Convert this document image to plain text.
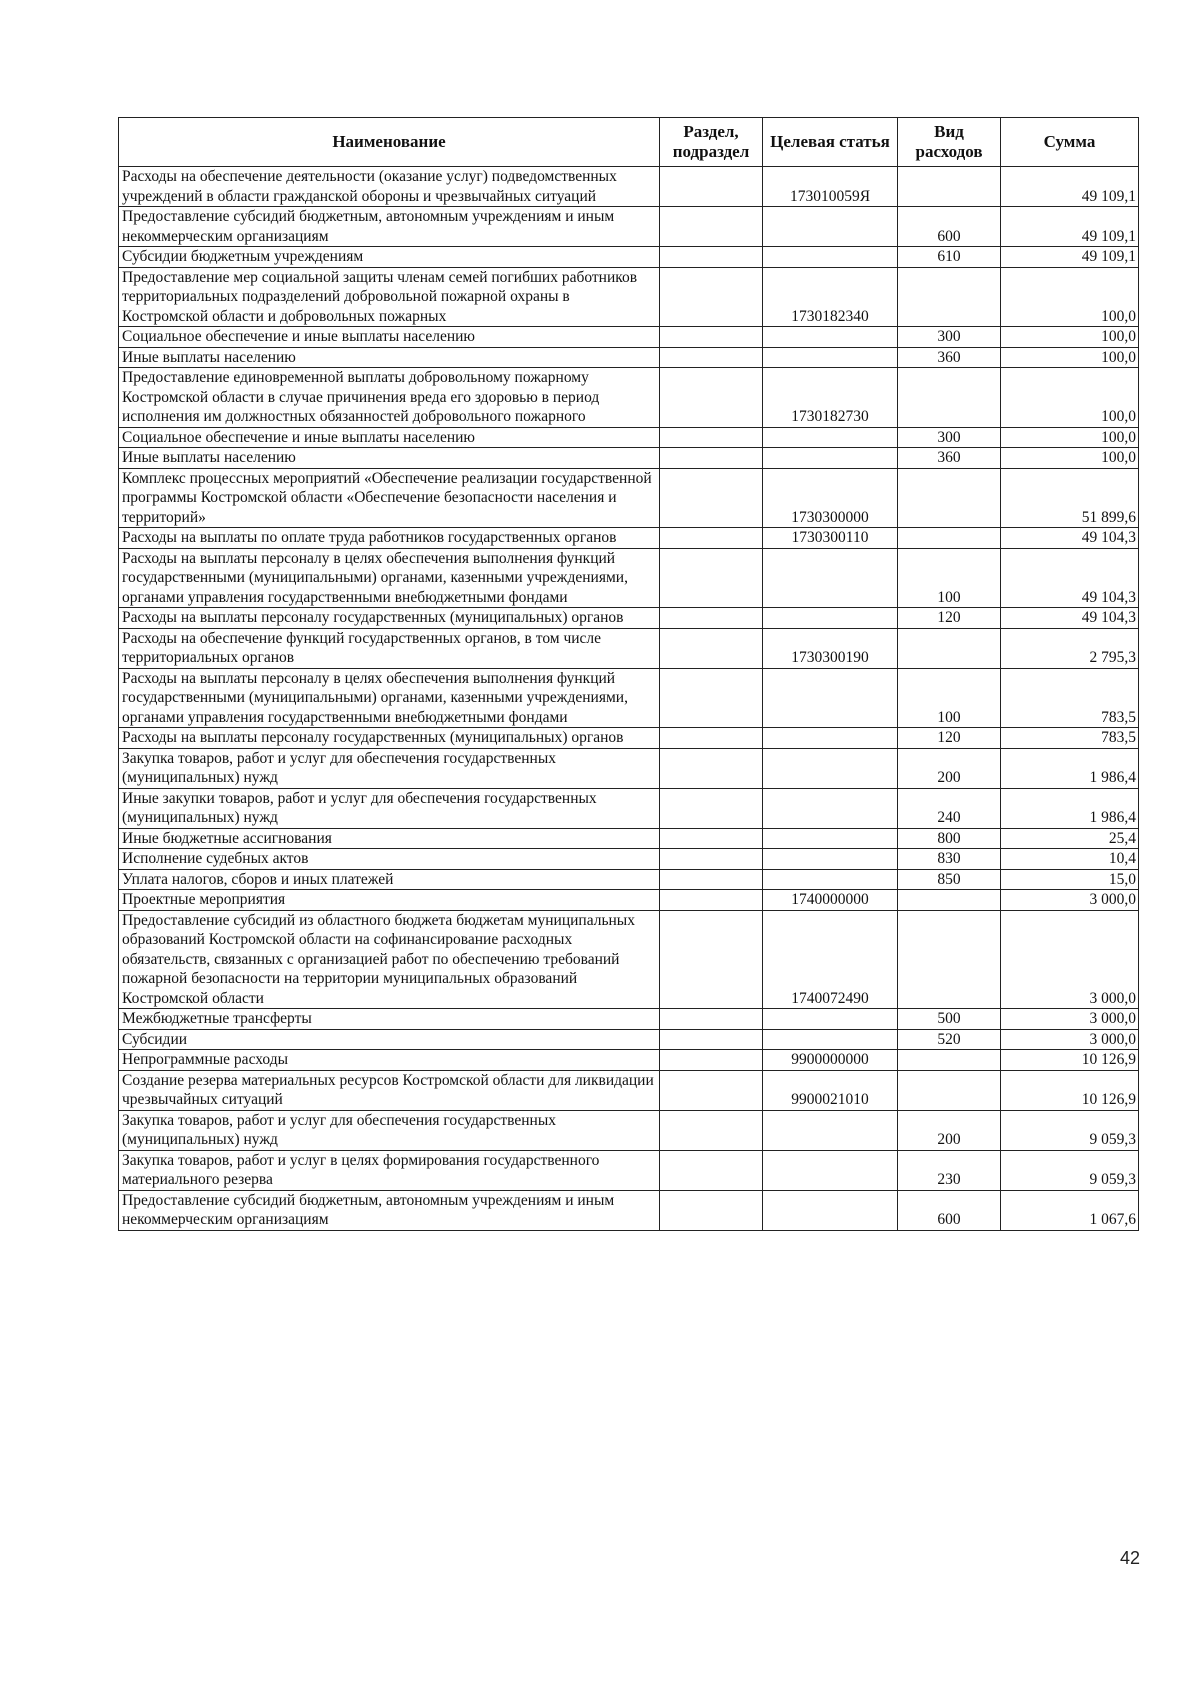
Наименование	Раздел, подраздел	Целевая статья	Вид расходов	Сумма
Расходы на обеспечение деятельности (оказание услуг) подведомственных учреждений в области гражданской обороны и чрезвычайных ситуаций		173010059Я		49 109,1
Предоставление субсидий бюджетным, автономным учреждениям и иным некоммерческим организациям			600	49 109,1
Субсидии бюджетным учреждениям			610	49 109,1
Предоставление мер социальной защиты членам семей погибших работников территориальных подразделений добровольной пожарной охраны в Костромской области и добровольных пожарных		1730182340		100,0
Социальное обеспечение и иные выплаты населению			300	100,0
Иные выплаты населению			360	100,0
Предоставление единовременной выплаты добровольному пожарному Костромской области в случае причинения вреда его здоровью в период исполнения им должностных обязанностей добровольного пожарного		1730182730		100,0
Социальное обеспечение и иные выплаты населению			300	100,0
Иные выплаты населению			360	100,0
Комплекс процессных мероприятий «Обеспечение реализации государственной программы Костромской области «Обеспечение безопасности населения и территорий»		1730300000		51 899,6
Расходы на выплаты по оплате труда работников государственных органов		1730300110		49 104,3
Расходы на выплаты персоналу в целях обеспечения выполнения функций государственными (муниципальными) органами, казенными учреждениями, органами управления государственными внебюджетными фондами			100	49 104,3
Расходы на выплаты персоналу государственных (муниципальных) органов			120	49 104,3
Расходы на обеспечение функций государственных органов, в том числе территориальных органов		1730300190		2 795,3
Расходы на выплаты персоналу в целях обеспечения выполнения функций государственными (муниципальными) органами, казенными учреждениями, органами управления государственными внебюджетными фондами			100	783,5
Расходы на выплаты персоналу государственных (муниципальных) органов			120	783,5
Закупка товаров, работ и услуг для обеспечения государственных (муниципальных) нужд			200	1 986,4
Иные закупки товаров, работ и услуг для обеспечения государственных (муниципальных) нужд			240	1 986,4
Иные бюджетные ассигнования			800	25,4
Исполнение судебных актов			830	10,4
Уплата налогов, сборов и иных платежей			850	15,0
Проектные мероприятия		1740000000		3 000,0
Предоставление субсидий из областного бюджета бюджетам муниципальных образований Костромской области на софинансирование расходных обязательств, связанных с организацией работ по обеспечению требований пожарной безопасности на территории муниципальных образований Костромской области		1740072490		3 000,0
Межбюджетные трансферты			500	3 000,0
Субсидии			520	3 000,0
Непрограммные расходы		9900000000		10 126,9
Создание резерва материальных ресурсов Костромской области для ликвидации чрезвычайных ситуаций		9900021010		10 126,9
Закупка товаров, работ и услуг для обеспечения государственных (муниципальных) нужд			200	9 059,3
Закупка товаров, работ и услуг в целях формирования государственного материального резерва			230	9 059,3
Предоставление субсидий бюджетным, автономным учреждениям и иным некоммерческим организациям			600	1 067,6
42
